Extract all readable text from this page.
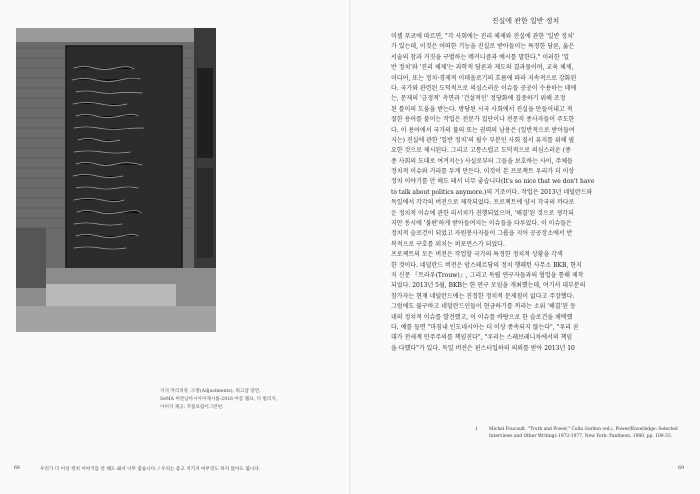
지석 까리치쥬, 소망(Adjustments), 워크샵 장면,
SeMA 미번남아시아미제시룹-2016 여름 웹프, 더 빌리지,
이미지 제공: 작품보람이그란펀.
68	우리가 더 이상 정치 이야기를 안 해도 돼서 너무 좋습니다. / 우리는 좋고 지키지 마무것도 하지 않아도 됩니다.
진실에 관한 일반 정치
미셸 푸코에 따르면, "각 사회에는 진리 체제와 진실에 관한 '일반 정치'
가 있는데, 이것은 어떠한 기능을 진실로 받아들이는 특정한 담론, 옳은
서술의 참과 거짓을 구별하는 메커니즘과 예시를 말한다." 이러한 '일
반 정치'와 '진리 체제'는 과학적 담론과 제도의 결과물이며, 교육 체제,
미디어, 또는 정치·경제적 이데올로기의 흐름에 따라 지속적으로 강화된
다. 국가와 관련된 도덕적으로 의심스러운 이슈들 공공이 수용하는 데에
는, 문제의 '긍정적' 측면과 '건설적인' 정당화에 집중하기 위해 조정
된 틀이의 도움을 받는다. 방당된 시국 사회에서 진실을 만들어내고 적
절한 용어를 붙이는 작업은 전문가 집단이나 전문직 종사자들이 주도한
다. 이 용어에서 국가의 불의 또는 권력의 남용은 (일반적으로 받아들여
지는) 진실에 관한 '일반 정치'의 필수 부분인 사회 질서 유지를 위해 필
요한 것으로 제시된다. 그리고 고통스럽고 도덕적으로 의심스러운 (종
종 사회의 도대로 여겨지는) 사실로부터 그들을 보호하는 사이, 주체들
정치적 이슈와 거리를 두게 만든다. 이것이 본 프로젝트 우리가 더 이상
정치 이야기를 안 해도 돼서 너무 좋습니다(It's so nice that we don't have
to talk about politics anymore.)의 기조이다. 작업은 2013년 네덜란드와
독일에서 각각의 버전으로 제작되었다. 프로젝트에 양시 각국의 까다로
운 정치적 이슈에 관한 리서치가 진행되었으며, '해결'된 것으로 생각되
지만 동시에 '불편'하게 받아들여지는 이슈들을 다루었다. 이 이슈들은
정치적 슬로건이 되었고 자원봉사자들이 그룹을 지어 공공장소에서 반
복적으로 구호를 외치는 퍼포먼스가 되었다.
프로젝트의 모든 버전은 작업할 국가의 특정한 정치적 상황을 각색
한 것이다. 네덜란드 버전은 암스테르담의 정치 행패턴 사무소 BKB, 현지
지 신문 『트라우(Trouw)』, 그리고 독립 연구자들과의 협업을 통해 제작
되었다. 2013년 5월, BKB는 한 연구 모임을 개최했는데, 여기서 대부분의
참가자는 현재 네덜란드에는 진정한 정치적 문제점이 없다고 주장했다.
그럼에도 불구하고 네덜란드인들이 현금하기를 꺼리는 소위 '해결'된 동
네의 정치적 이슈를 발견했고, 이 이슈를 바탕으로 한 슬로건을 채택했
다. 예를 들면 "마침내 인도네시아는 더 이상 종속되지 않는다", "우리 곧
대가 전세계 민주주의를 책임진다", "우리는 스레브레니차에서의 책임
을 다했다"가 있다. 독일 버전은 핀스터입하의 의뢰를 받아 2013년 10
1	Michel Foucault, "Truth and Power," Colin Gordon (ed.), Power/Knowledge: Selected
Interviews and Other Writings 1972-1977, New York: Pantheon, 1980, pp. 109-33.
69
